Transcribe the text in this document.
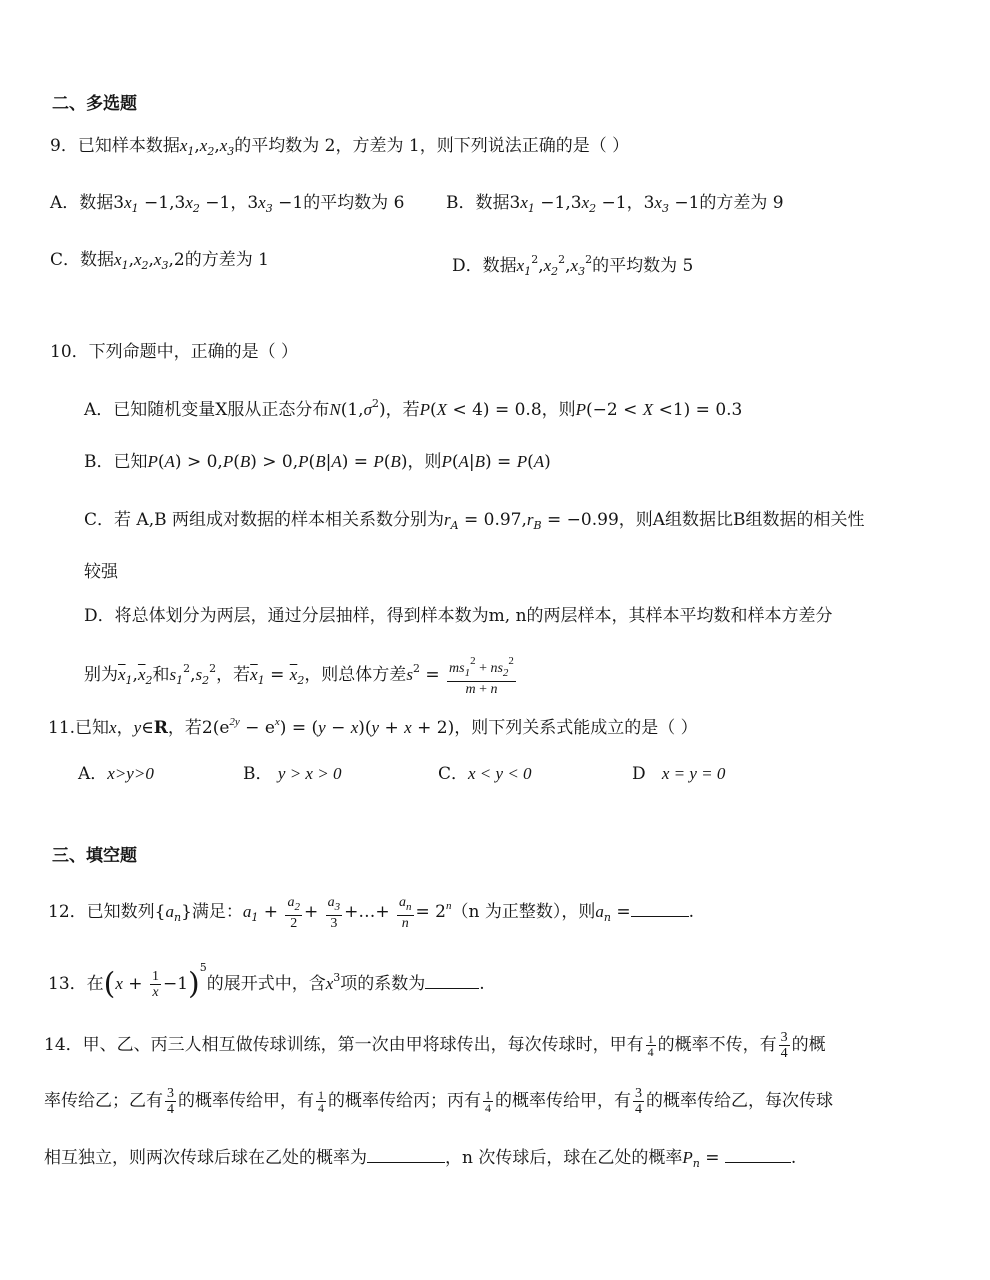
二、多选题
9．已知样本数据$x_1,x_2,x_3$的平均数为 2，方差为 1，则下列说法正确的是（ ）
A．数据$3x_1 -1,3x_2 -1$，$3x_3 -1$的平均数为 6 B．数据$3x_1 -1,3x_2 -1$，$3x_3 -1$的方差为 9
C．数据$x_1,x_2,x_3,2$的方差为 1	D．数据$x_1^2,x_2^2,x_3^2$的平均数为 5
10．下列命题中，正确的是（ ）
A．已知随机变量X服从正态分布$N(1,\sigma^2)$，若P(X < 4) = 0.8，则P(−2 < X <1) = 0.3
B．已知P(A) > 0,P(B) > 0,P(B|A) = P(B)，则P(A|B) = P(A)
C．若 A,B 两组成对数据的样本相关系数分别为$r_A = 0.97,r_B = -0.99$，则A组数据比B组数据的相关性
较强
D．将总体划分为两层，通过分层抽样，得到样本数为m, n的两层样本，其样本平均数和样本方差分
别为$\overline{x}_1,\overline{x}_2$和$s_1^2,s_2^2$，若$\overline{x}_1 = \overline{x}_2$，则总体方差$s^2 = \frac{ms_1^2 + ns_2^2}{m + n}$
11.已知x，y∈R，若$2(e^{2y} - e^x) = (y - x)(y + x + 2)$，则下列关系式能成立的是（ ）
A．x>y>0	B． y > x > 0	C．x < y < 0	D x = y = 0
三、填空题
12．已知数列$\{a_n\}$满足：$a_1 + \frac{a_2}{2} + \frac{a_3}{3}$ +…+ $\frac{a_n}{n} = 2^n(n$ 为正整数），则$a_n$ =	.
13．在$(x + \frac{1}{x} -1)^5$的展开式中，含$x^3$项的系数为	.
14．甲、乙、丙三人相互做传球训练，第一次由甲将球传出，每次传球时，甲有 $\frac{1}{4}$ 的概率不传，有 $\frac{3}{4}$ 的概
率传给乙；乙有 $\frac{3}{4}$ 的概率传给甲，有 $\frac{1}{4}$ 的概率传给丙；丙有 $\frac{1}{4}$ 的概率传给甲，有 $\frac{3}{4}$ 的概率传给乙，每次传球
相互独立，则两次传球后球在乙处的概率为	，n 次传球后，球在乙处的概率$P_n$ =	.
